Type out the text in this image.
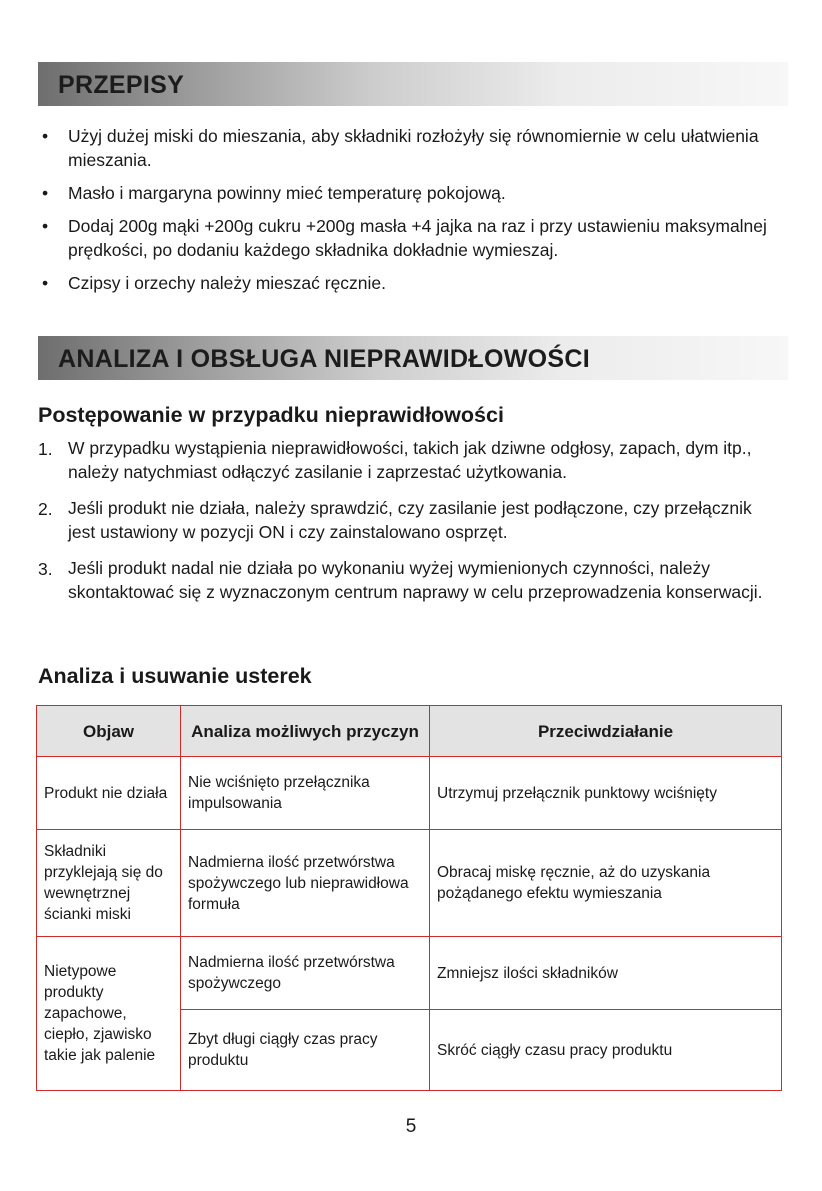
PRZEPISY
• Użyj dużej miski do mieszania, aby składniki rozłożyły się równomiernie w celu ułatwienia mieszania.
• Masło i margaryna powinny mieć temperaturę pokojową.
• Dodaj 200g mąki +200g cukru +200g masła +4 jajka na raz i przy ustawieniu maksymalnej prędkości, po dodaniu każdego składnika dokładnie wymieszaj.
• Czipsy i orzechy należy mieszać ręcznie.
ANALIZA I OBSŁUGA NIEPRAWIDŁOWOŚCI
Postępowanie w przypadku nieprawidłowości
1. W przypadku wystąpienia nieprawidłowości, takich jak dziwne odgłosy, zapach, dym itp., należy natychmiast odłączyć zasilanie i zaprzestać użytkowania.
2. Jeśli produkt nie działa, należy sprawdzić, czy zasilanie jest podłączone, czy przełącznik jest ustawiony w pozycji ON i czy zainstalowano osprzęt.
3. Jeśli produkt nadal nie działa po wykonaniu wyżej wymienionych czynności, należy skontaktować się z wyznaczonym centrum naprawy w celu przeprowadzenia konserwacji.
Analiza i usuwanie usterek
Objaw	Analiza możliwych przyczyn	Przeciwdziałanie
Produkt nie działa	Nie wciśnięto przełącznika impulsowania	Utrzymuj przełącznik punktowy wciśnięty
Składniki przyklejają się do wewnętrznej ścianki miski	Nadmierna ilość przetwórstwa spożywczego lub nieprawidłowa formuła	Obracaj miskę ręcznie, aż do uzyskania pożądanego efektu wymieszania
Nietypowe produkty zapachowe, ciepło, zjawisko takie jak palenie	Nadmierna ilość przetwórstwa spożywczego	Zmniejsz ilości składników
	Zbyt długi ciągły czas pracy produktu	Skróć ciągły czasu pracy produktu
5
